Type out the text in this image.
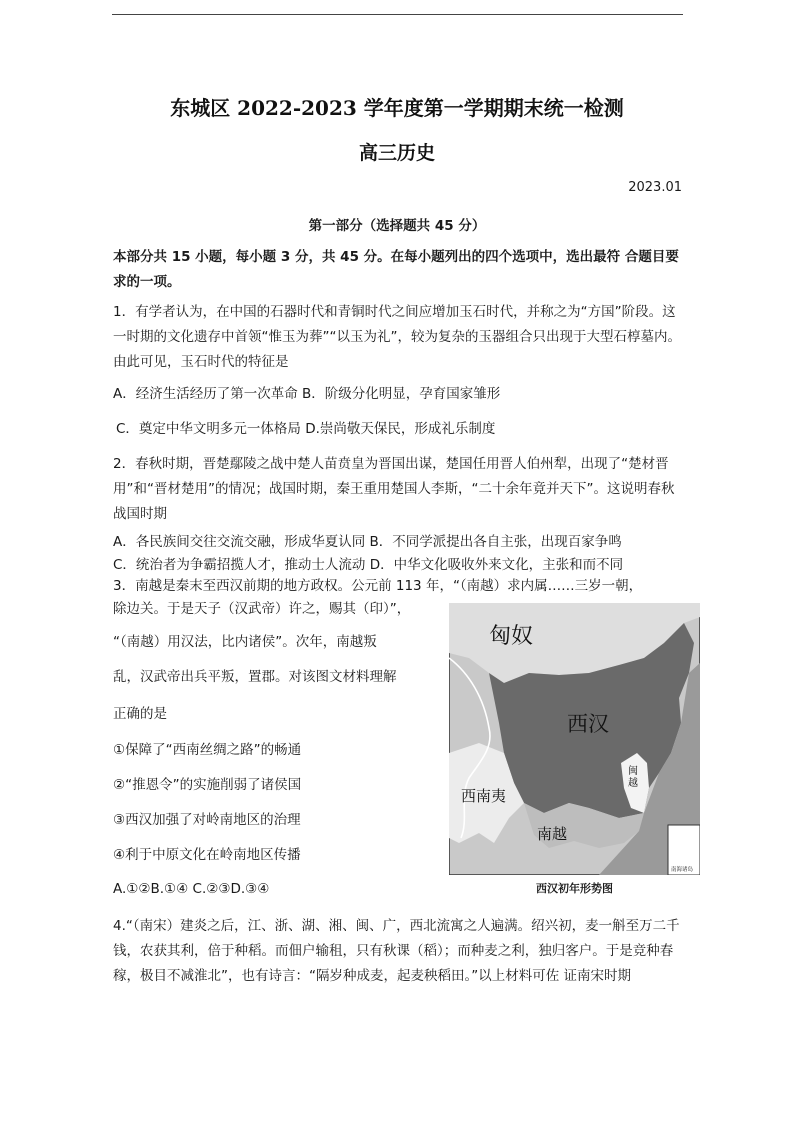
东城区 2022-2023 学年度第一学期期末统一检测
高三历史
2023.01
第一部分（选择题共 45 分）

本部分共 15 小题，每小题 3 分，共 45 分。在每小题列出的四个选项中，选出最符 合题目要求的一项。

1．有学者认为，在中国的石器时代和青铜时代之间应增加玉石时代，并称之为“方国”阶段。这一时期的文化遗存中首领“惟玉为葬”“以玉为礼”，较为复杂的玉器组合只出现于大型石椁墓内。由此可见，玉石时代的特征是

A．经济生活经历了第一次革命 B．阶级分化明显，孕育国家雏形

C．奠定中华文明多元一体格局 D.崇尚敬天保民，形成礼乐制度

2．春秋时期，晋楚鄢陵之战中楚人苗贲皇为晋国出谋，楚国任用晋人伯州犁，出现了“楚材晋用”和“晋材楚用”的情况；战国时期，秦王重用楚国人李斯，“二十余年竟并天下”。这说明春秋战国时期

A．各民族间交往交流交融，形成华夏认同 B．不同学派提出各自主张，出现百家争鸣

C．统治者为争霸招揽人才，推动士人流动 D．中华文化吸收外来文化，主张和而不同

3．南越是秦末至西汉前期的地方政权。公元前 113 年，“（南越）求内属……三岁一朝，

除边关。于是天子（汉武帝）许之，赐其（印）”，

“（南越）用汉法，比内诸侯”。次年，南越叛

乱，汉武帝出兵平叛，置郡。对该图文材料理解

正确的是

①保障了“西南丝绸之路”的畅通

②“推恩令”的实施削弱了诸侯国

③西汉加强了对岭南地区的治理

④利于中原文化在岭南地区传播

A.①②B.①④ C.②③D.③④

匈奴
西汉
西南夷
南越
南海诸岛
闽越
西汉初年形势图

4.“（南宋）建炎之后，江、浙、湖、湘、闽、广，西北流寓之人遍满。绍兴初，麦一斛至万二千钱，农获其利，倍于种稻。而佃户输租，只有秋课（稻）；而种麦之利，独归客户。于是竞种春稼，极目不减淮北”，也有诗言：“隔岁种成麦，起麦秧稻田。”以上材料可佐 证南宋时期
